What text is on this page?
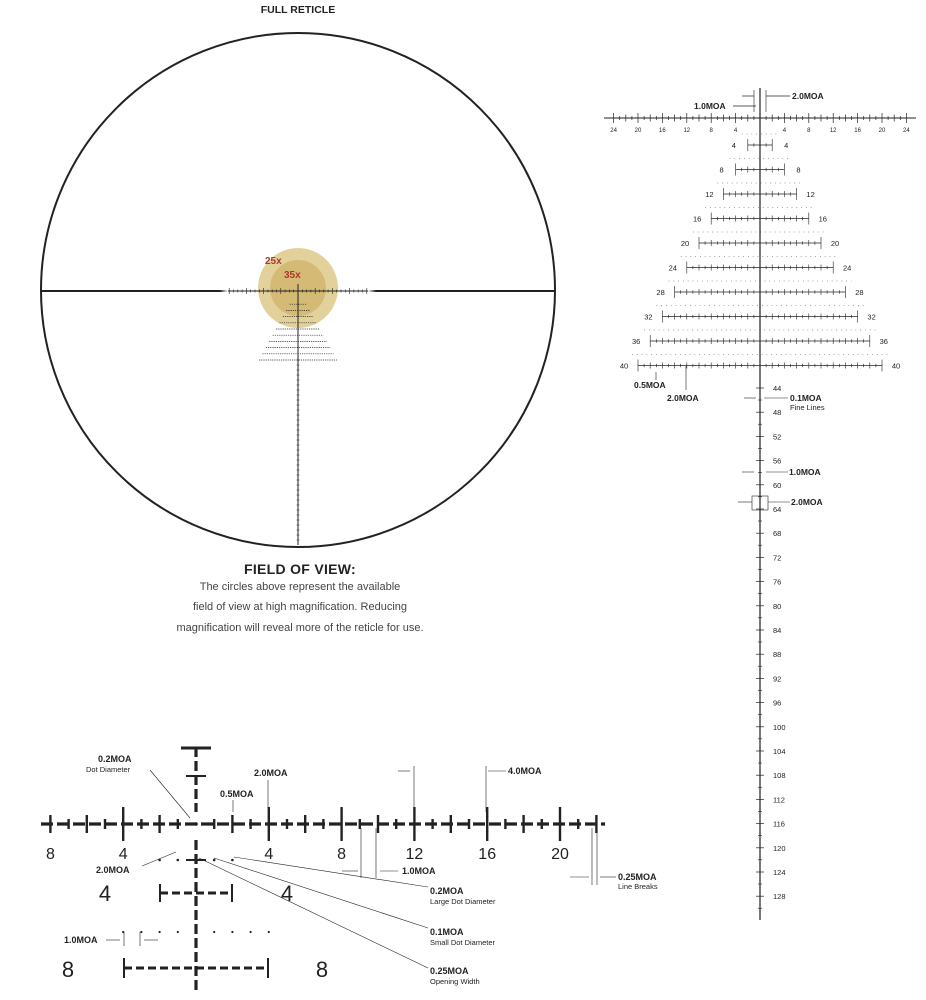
FULL RETICLE
25x
35x
24	20	16	12	8	4	4	8	12	16	20	24
4	4
8	8
12	12
16	16
20	20
24	24
28	28
32	32
36	36
40	40
44
48
52
56
60
64
68
72
76
80
84
88
92
96
100
104
108
112
116
120
124
128
2.0MOA
1.0MOA
0.5MOA
2.0MOA	0.1MOA
Fine Lines
1.0MOA
2.0MOA
8	4	4	8	12	16	20
4	4
8	8
0.2MOA
Dot Diameter	2.0MOA
0.5MOA
4.0MOA
2.0MOA	1.0MOA
0.25MOA
Line Breaks
0.2MOA
Large Dot Diameter
0.1MOA
Small Dot Diameter
0.25MOA
Opening Width
1.0MOA
FIELD OF VIEW:
The circles above represent the available
field of view at high magnification. Reducing
magnification will reveal more of the reticle for use.
